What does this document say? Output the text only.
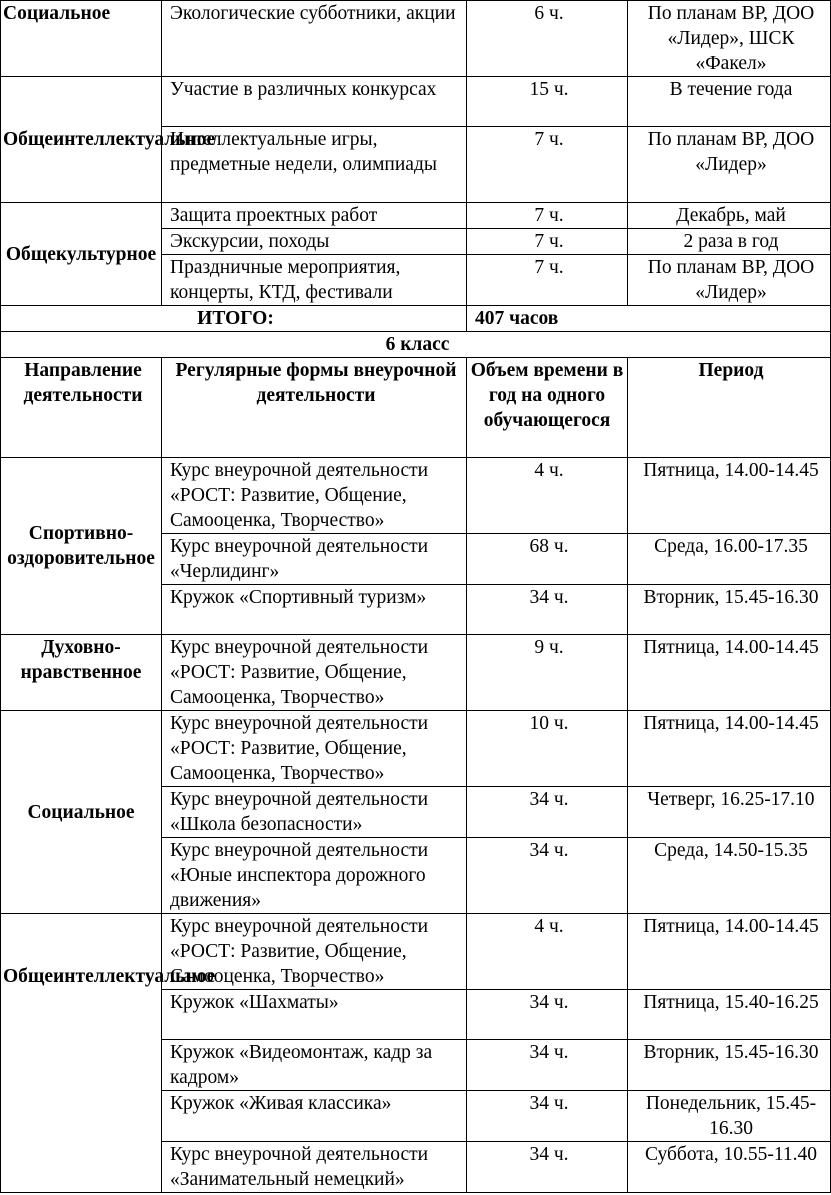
Социальное	Экологические субботники, акции	6 ч.	По планам ВР, ДОО «Лидер», ШСК «Факел»
Общеинтеллектуальное	Участие в различных конкурсах	15 ч.	В течение года
	Интеллектуальные игры, предметные недели, олимпиады	7 ч.	По планам ВР, ДОО «Лидер»
Общекультурное	Защита проектных работ	7 ч.	Декабрь, май
	Экскурсии, походы	7 ч.	2 раза в год
	Праздничные мероприятия, концерты, КТД, фестивали	7 ч.	По планам ВР, ДОО «Лидер»
ИТОГО:		407 часов	
6 класс			
Направление деятельности	Регулярные формы внеурочной деятельности	Объем времени в год на одного обучающегося	Период
Спортивно-оздоровительное	Курс внеурочной деятельности «РОСТ: Развитие, Общение, Самооценка, Творчество»	4 ч.	Пятница, 14.00-14.45
	Курс внеурочной деятельности «Черлидинг»	68 ч.	Среда, 16.00-17.35
	Кружок «Спортивный туризм»	34 ч.	Вторник, 15.45-16.30
Духовно-нравственное	Курс внеурочной деятельности «РОСТ: Развитие, Общение, Самооценка, Творчество»	9 ч.	Пятница, 14.00-14.45
Социальное	Курс внеурочной деятельности «РОСТ: Развитие, Общение, Самооценка, Творчество»	10 ч.	Пятница, 14.00-14.45
	Курс внеурочной деятельности «Школа безопасности»	34 ч.	Четверг, 16.25-17.10
	Курс внеурочной деятельности «Юные инспектора дорожного движения»	34 ч.	Среда, 14.50-15.35
Общеинтеллектуальное	Курс внеурочной деятельности «РОСТ: Развитие, Общение, Самооценка, Творчество»	4 ч.	Пятница, 14.00-14.45
	Кружок «Шахматы»	34 ч.	Пятница, 15.40-16.25
	Кружок «Видеомонтаж, кадр за кадром»	34 ч.	Вторник, 15.45-16.30
	Кружок «Живая классика»	34 ч.	Понедельник, 15.45-16.30
	Курс внеурочной деятельности «Занимательный немецкий»	34 ч.	Суббота, 10.55-11.40
